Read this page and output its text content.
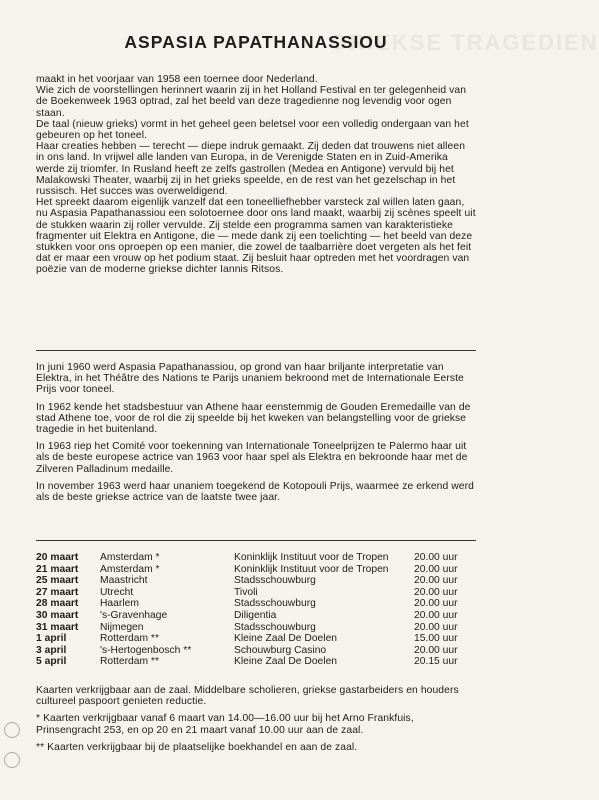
GRIEKSE TRAGEDIEN
ASPASIA PAPATHANASSIOU

maakt in het voorjaar van 1958 een toernee door Nederland.

Wie zich de voorstellingen herinnert waarin zij in het Holland Festival en ter gelegenheid van de Boekenweek 1963 optrad, zal het beeld van deze tragedienne nog levendig voor ogen staan.

De taal (nieuw grieks) vormt in het geheel geen beletsel voor een volledig ondergaan van het gebeuren op het toneel.

Haar creaties hebben — terecht — diepe indruk gemaakt. Zij deden dat trouwens niet alleen in ons land. In vrijwel alle landen van Europa, in de Verenigde Staten en in Zuid-Amerika werde zij triomfer. In Rusland heeft ze zelfs gastrollen (Medea en Antigone) vervuld bij het Malakowski Theater, waarbij zij in het grieks speelde, en de rest van het gezelschap in het russisch. Het succes was overweldigend.

Het spreekt daarom eigenlijk vanzelf dat een toneelliefhebber varsteck zal willen laten gaan, nu Aspasia Papathanassiou een solotoernee door ons land maakt, waarbij zij scènes speelt uit de stukken waarin zij roller vervulde. Zij stelde een programma samen van karakteristieke fragmenter uit Elektra en Antigone, die — mede dank zij een toelichting — het beeld van deze stukken voor ons oproepen op een manier, die zowel de taalbarrière doet vergeten als het feit dat er maar een vrouw op het podium staat. Zij besluit haar optreden met het voordragen van poëzie van de moderne griekse dichter Iannis Ritsos.

In juni 1960 werd Aspasia Papathanassiou, op grond van haar briljante interpretatie van Elektra, in het Théâtre des Nations te Parijs unaniem bekroond met de Internationale Eerste Prijs voor toneel.

In 1962 kende het stadsbestuur van Athene haar eenstemmig de Gouden Eremedaille van de stad Athene toe, voor de rol die zij speelde bij het kweken van belangstelling voor de griekse tragedie in het buitenland.

In 1963 riep het Comité voor toekenning van Internationale Toneelprijzen te Palermo haar uit als de beste europese actrice van 1963 voor haar spel als Elektra en bekroonde haar met de Zilveren Palladinum medaille.

In november 1963 werd haar unaniem toegekend de Kotopouli Prijs, waarmee ze erkend werd als de beste griekse actrice van de laatste twee jaar.

20 maart Amsterdam *	Koninklijk Instituut voor de Tropen 20.00 uur
21 maart Amsterdam *	Koninklijk Instituut voor de Tropen 20.00 uur
25 maart Maastricht	Stadsschouwburg	20.00 uur
27 maart Utrecht	Tivoli	20.00 uur
28 maart Haarlem	Stadsschouwburg	20.00 uur
30 maart 's-Gravenhage	Diligentia	20.00 uur
31 maart Nijmegen	Stadsschouwburg	20.00 uur
1 april	Rotterdam **	Kleine Zaal De Doelen	15.00 uur
3 april	's-Hertogenbosch **	Schouwburg Casino	20.00 uur
5 april	Rotterdam **	Kleine Zaal De Doelen	20.15 uur

Kaarten verkrijgbaar aan de zaal. Middelbare scholieren, griekse gastarbeiders en houders cultureel paspoort genieten reductie.

* Kaarten verkrijgbaar vanaf 6 maart van 14.00—16.00 uur bij het Arno Frankfuis, Prinsengracht 253, en op 20 en 21 maart vanaf 10.00 uur aan de zaal.

** Kaarten verkrijgbaar bij de plaatselijke boekhandel en aan de zaal.
